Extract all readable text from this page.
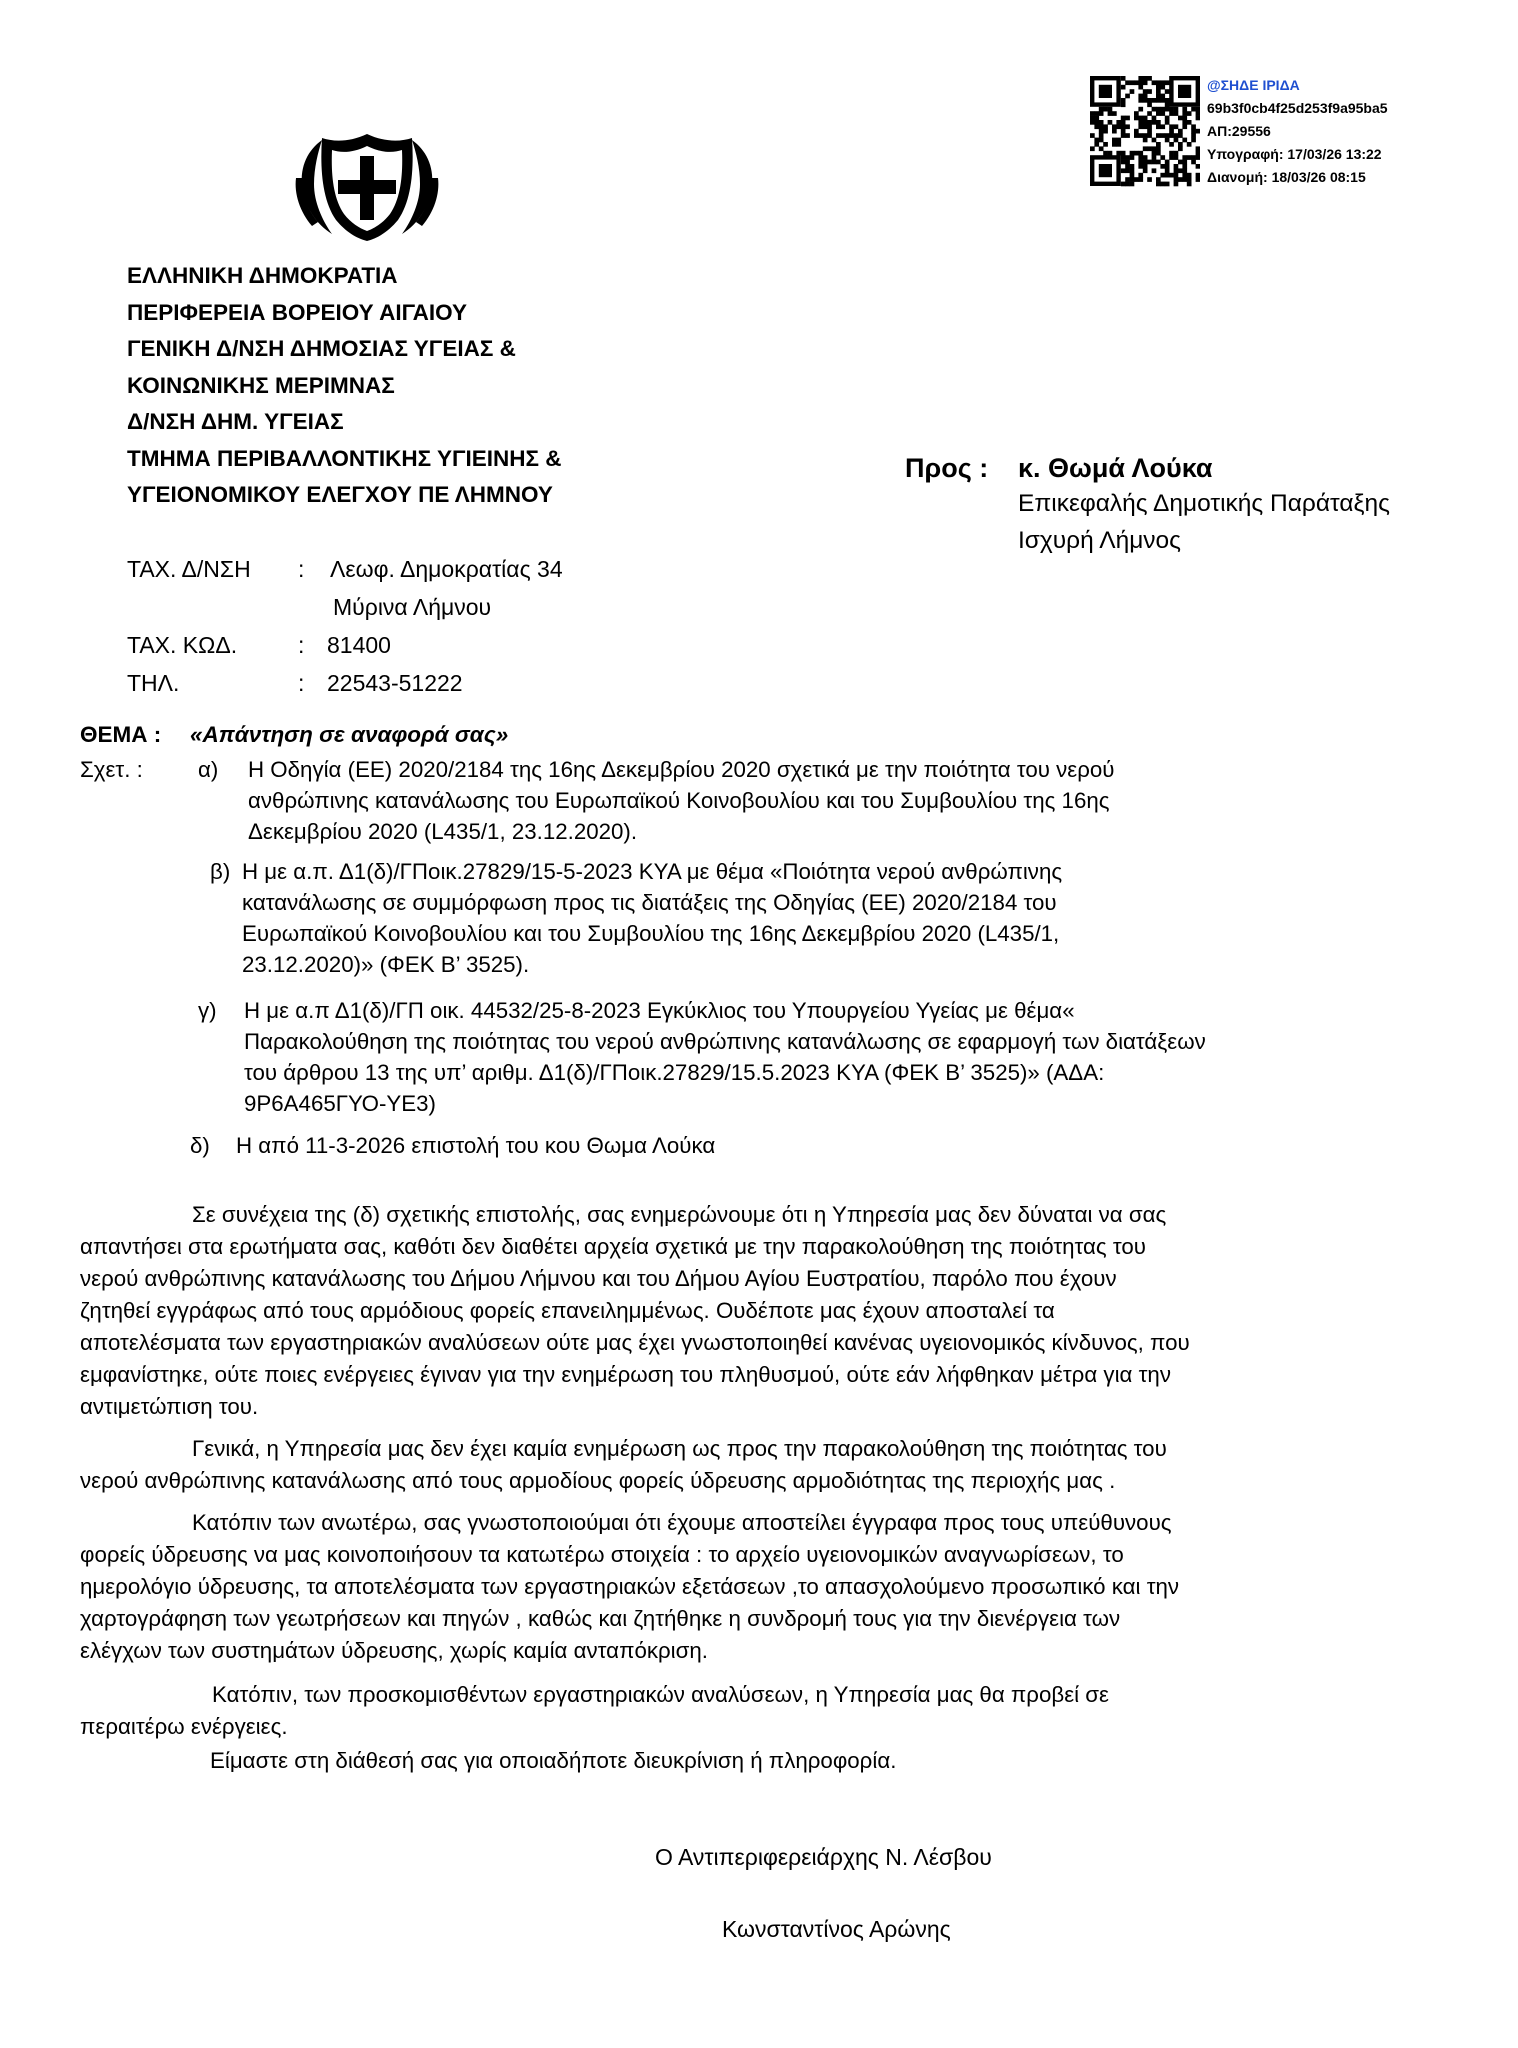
@ΣΗΔΕ ΙΡΙΔΑ
69b3f0cb4f25d253f9a95ba5
ΑΠ:29556
Υπογραφή: 17/03/26 13:22
Διανομή: 18/03/26 08:15
ΕΛΛΗΝΙΚΗ ΔΗΜΟΚΡΑΤΙΑ
ΠΕΡΙΦΕΡΕΙΑ ΒΟΡΕΙΟΥ ΑΙΓΑΙΟΥ
ΓΕΝΙΚΗ Δ/ΝΣΗ ΔΗΜΟΣΙΑΣ ΥΓΕΙΑΣ &
ΚΟΙΝΩΝΙΚΗΣ ΜΕΡΙΜΝΑΣ
Δ/ΝΣΗ ΔΗΜ. ΥΓΕΙΑΣ
ΤΜΗΜΑ ΠΕΡΙΒΑΛΛΟΝΤΙΚΗΣ ΥΓΙΕΙΝΗΣ &
ΥΓΕΙΟΝΟΜΙΚΟΥ ΕΛΕΓΧΟΥ ΠΕ ΛΗΜΝΟΥ
Προς : κ. Θωμά Λούκα
Επικεφαλής Δημοτικής Παράταξης
Ισχυρή Λήμνος
ΤΑΧ. Δ/ΝΣΗ : Λεωφ. Δημοκρατίας 34
Μύρινα Λήμνου
ΤΑΧ. ΚΩΔ.	: 81400
ΤΗΛ.	: 22543-51222
ΘΕΜΑ : «Απάντηση σε αναφορά σας»
Σχετ. : α) Η Οδηγία (ΕΕ) 2020/2184 της 16ης Δεκεμβρίου 2020 σχετικά με την ποιότητα του νερού
ανθρώπινης κατανάλωσης του Ευρωπαϊκού Κοινοβουλίου και του Συμβουλίου της 16ης
Δεκεμβρίου 2020 (L435/1, 23.12.2020).
β) Η με α.π. Δ1(δ)/ΓΠοικ.27829/15-5-2023 ΚΥΑ με θέμα «Ποιότητα νερού ανθρώπινης
κατανάλωσης σε συμμόρφωση προς τις διατάξεις της Οδηγίας (ΕΕ) 2020/2184 του
Ευρωπαϊκού Κοινοβουλίου και του Συμβουλίου της 16ης Δεκεμβρίου 2020 (L435/1,
23.12.2020)» (ΦΕΚ Β’ 3525).
γ) Η με α.π Δ1(δ)/ΓΠ οικ. 44532/25-8-2023 Εγκύκλιος του Υπουργείου Υγείας με θέμα«
Παρακολούθηση της ποιότητας του νερού ανθρώπινης κατανάλωσης σε εφαρμογή των διατάξεων
του άρθρου 13 της υπ’ αριθμ. Δ1(δ)/ΓΠοικ.27829/15.5.2023 ΚΥΑ (ΦΕΚ Β’ 3525)» (ΑΔΑ:
9Ρ6Α465ΓΥΟ-ΥΕ3)
δ) Η από 11-3-2026 επιστολή του κου Θωμα Λούκα
Σε συνέχεια της (δ) σχετικής επιστολής, σας ενημερώνουμε ότι η Υπηρεσία μας δεν δύναται να σας
απαντήσει στα ερωτήματα σας, καθότι δεν διαθέτει αρχεία σχετικά με την παρακολούθηση της ποιότητας του
νερού ανθρώπινης κατανάλωσης του Δήμου Λήμνου και του Δήμου Αγίου Ευστρατίου, παρόλο που έχουν
ζητηθεί εγγράφως από τους αρμόδιους φορείς επανειλημμένως. Ουδέποτε μας έχουν αποσταλεί τα
αποτελέσματα των εργαστηριακών αναλύσεων ούτε μας έχει γνωστοποιηθεί κανένας υγειονομικός κίνδυνος, που
εμφανίστηκε, ούτε ποιες ενέργειες έγιναν για την ενημέρωση του πληθυσμού, ούτε εάν λήφθηκαν μέτρα για την
αντιμετώπιση του.
Γενικά, η Υπηρεσία μας δεν έχει καμία ενημέρωση ως προς την παρακολούθηση της ποιότητας του
νερού ανθρώπινης κατανάλωσης από τους αρμοδίους φορείς ύδρευσης αρμοδιότητας της περιοχής μας .
Κατόπιν των ανωτέρω, σας γνωστοποιούμαι ότι έχουμε αποστείλει έγγραφα προς τους υπεύθυνους
φορείς ύδρευσης να μας κοινοποιήσουν τα κατωτέρω στοιχεία : το αρχείο υγειονομικών αναγνωρίσεων, το
ημερολόγιο ύδρευσης, τα αποτελέσματα των εργαστηριακών εξετάσεων ,το απασχολούμενο προσωπικό και την
χαρτογράφηση των γεωτρήσεων και πηγών , καθώς και ζητήθηκε η συνδρομή τους για την διενέργεια των
ελέγχων των συστημάτων ύδρευσης, χωρίς καμία ανταπόκριση.
Κατόπιν, των προσκομισθέντων εργαστηριακών αναλύσεων, η Υπηρεσία μας θα προβεί σε
περαιτέρω ενέργειες.
Είμαστε στη διάθεσή σας για οποιαδήποτε διευκρίνιση ή πληροφορία.
Ο Αντιπεριφερειάρχης Ν. Λέσβου
Κωνσταντίνος Αρώνης
